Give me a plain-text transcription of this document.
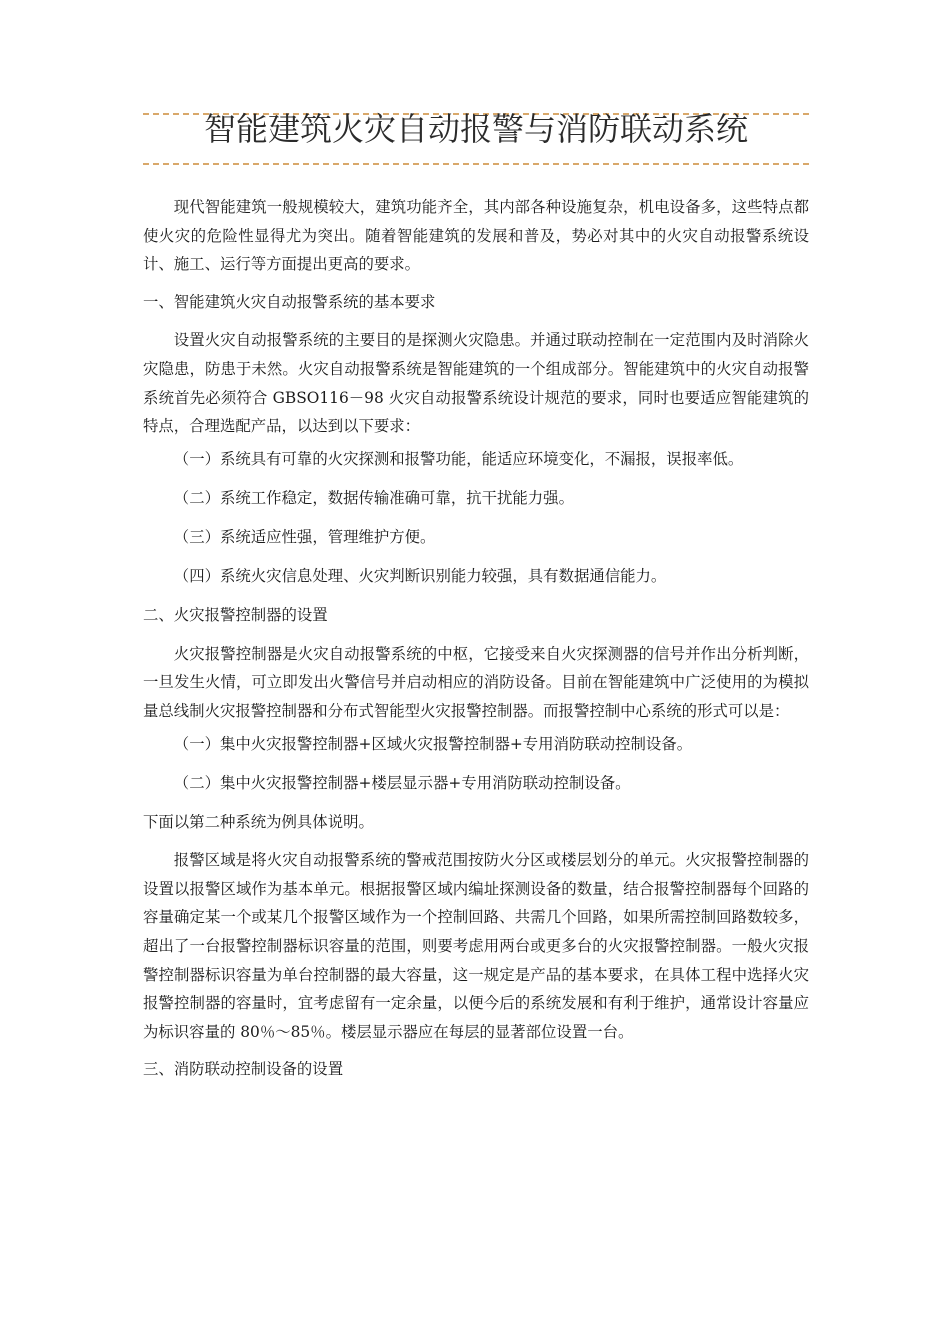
智能建筑火灾自动报警与消防联动系统

现代智能建筑一般规模较大，建筑功能齐全，其内部各种设施复杂，机电设备多，这些特点都使火灾的危险性显得尤为突出。随着智能建筑的发展和普及，势必对其中的火灾自动报警系统设计、施工、运行等方面提出更高的要求。

一、智能建筑火灾自动报警系统的基本要求

设置火灾自动报警系统的主要目的是探测火灾隐患。并通过联动控制在一定范围内及时消除火灾隐患，防患于未然。火灾自动报警系统是智能建筑的一个组成部分。智能建筑中的火灾自动报警系统首先必须符合 GBSO116－98 火灾自动报警系统设计规范的要求，同时也要适应智能建筑的特点，合理选配产品，以达到以下要求：

（一）系统具有可靠的火灾探测和报警功能，能适应环境变化，不漏报，误报率低。

（二）系统工作稳定，数据传输准确可靠，抗干扰能力强。

（三）系统适应性强，管理维护方便。

（四）系统火灾信息处理、火灾判断识别能力较强，具有数据通信能力。

二、火灾报警控制器的设置

火灾报警控制器是火灾自动报警系统的中枢，它接受来自火灾探测器的信号并作出分析判断，一旦发生火情，可立即发出火警信号并启动相应的消防设备。目前在智能建筑中广泛使用的为模拟量总线制火灾报警控制器和分布式智能型火灾报警控制器。而报警控制中心系统的形式可以是：

（一）集中火灾报警控制器+区域火灾报警控制器+专用消防联动控制设备。

（二）集中火灾报警控制器+楼层显示器+专用消防联动控制设备。

下面以第二种系统为例具体说明。

报警区域是将火灾自动报警系统的警戒范围按防火分区或楼层划分的单元。火灾报警控制器的设置以报警区域作为基本单元。根据报警区域内编址探测设备的数量，结合报警控制器每个回路的容量确定某一个或某几个报警区域作为一个控制回路、共需几个回路，如果所需控制回路数较多，超出了一台报警控制器标识容量的范围，则要考虑用两台或更多台的火灾报警控制器。一般火灾报警控制器标识容量为单台控制器的最大容量，这一规定是产品的基本要求，在具体工程中选择火灾报警控制器的容量时，宜考虑留有一定余量，以便今后的系统发展和有利于维护，通常设计容量应为标识容量的 80％～85％。楼层显示器应在每层的显著部位设置一台。

三、消防联动控制设备的设置
